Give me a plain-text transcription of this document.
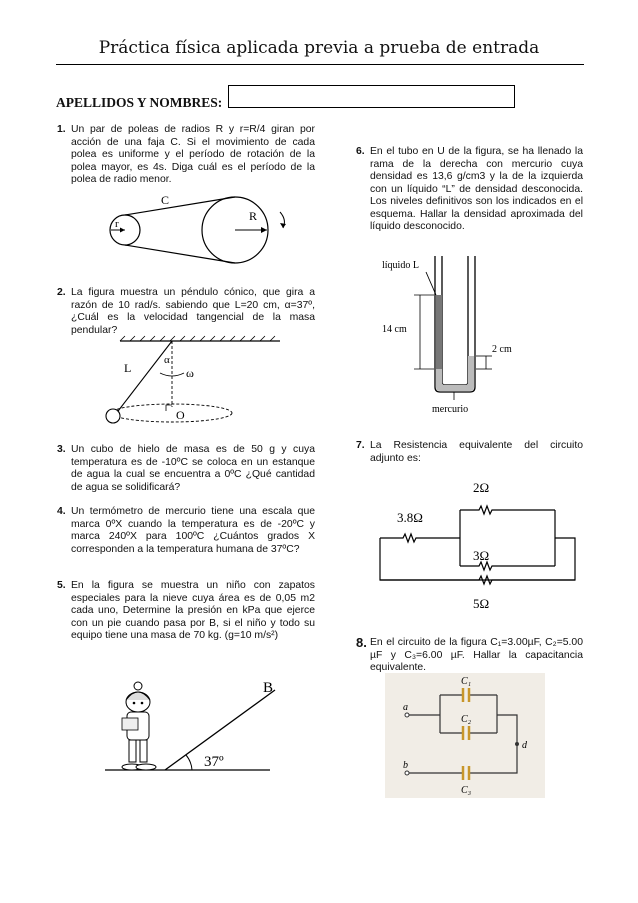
Práctica física aplicada previa a prueba de entrada
APELLIDOS Y NOMBRES:
1. Un par de poleas de radios R y r=R/4 giran por acción de una faja C. Si el movimiento de cada polea es uniforme y el período de rotación de la polea mayor, es 4s. Diga cuál es el período de la polea de radio menor.
C
r
R
2. La figura muestra un péndulo cónico, que gira a razón de 10 rad/s. sabiendo que L=20 cm, α=37º, ¿Cuál es la velocidad tangencial de la masa pendular?
L
α
ω
O
3. Un cubo de hielo de masa es de 50 g y cuya temperatura es de -10ºC se coloca en un estanque de agua la cual se encuentra a 0ºC ¿Qué cantidad de agua se solidificará?
4. Un termómetro de mercurio tiene una escala que marca 0ºX cuando la temperatura es de -20ºC y marca 240ºX para 100ºC ¿Cuántos grados X corresponden a la temperatura humana de 37ºC?
5. En la figura se muestra un niño con zapatos especiales para la nieve cuya área es de 0,05 m2 cada uno, Determine la presión en kPa que ejerce con un pie cuando pasa por B, si el niño y todo su equipo tiene una masa de 70 kg. (g=10 m/s²)
B
37º
6. En el tubo en U de la figura, se ha llenado la rama de la derecha con mercurio cuya densidad es 13,6 g/cm3 y la de la izquierda con un líquido “L” de densidad desconocida. Los niveles definitivos son los indicados en el esquema. Hallar la densidad aproximada del líquido desconocido.
líquido L
14 cm
2 cm
mercurio
7. La Resistencia equivalente del circuito adjunto es:
2Ω
3.8Ω
3Ω
5Ω
8. En el circuito de la figura C₁=3.00µF, C₂=5.00 µF y C₃=6.00 µF. Hallar la capacitancia equivalente.
C₁
C₂
C₃
a
b
d
